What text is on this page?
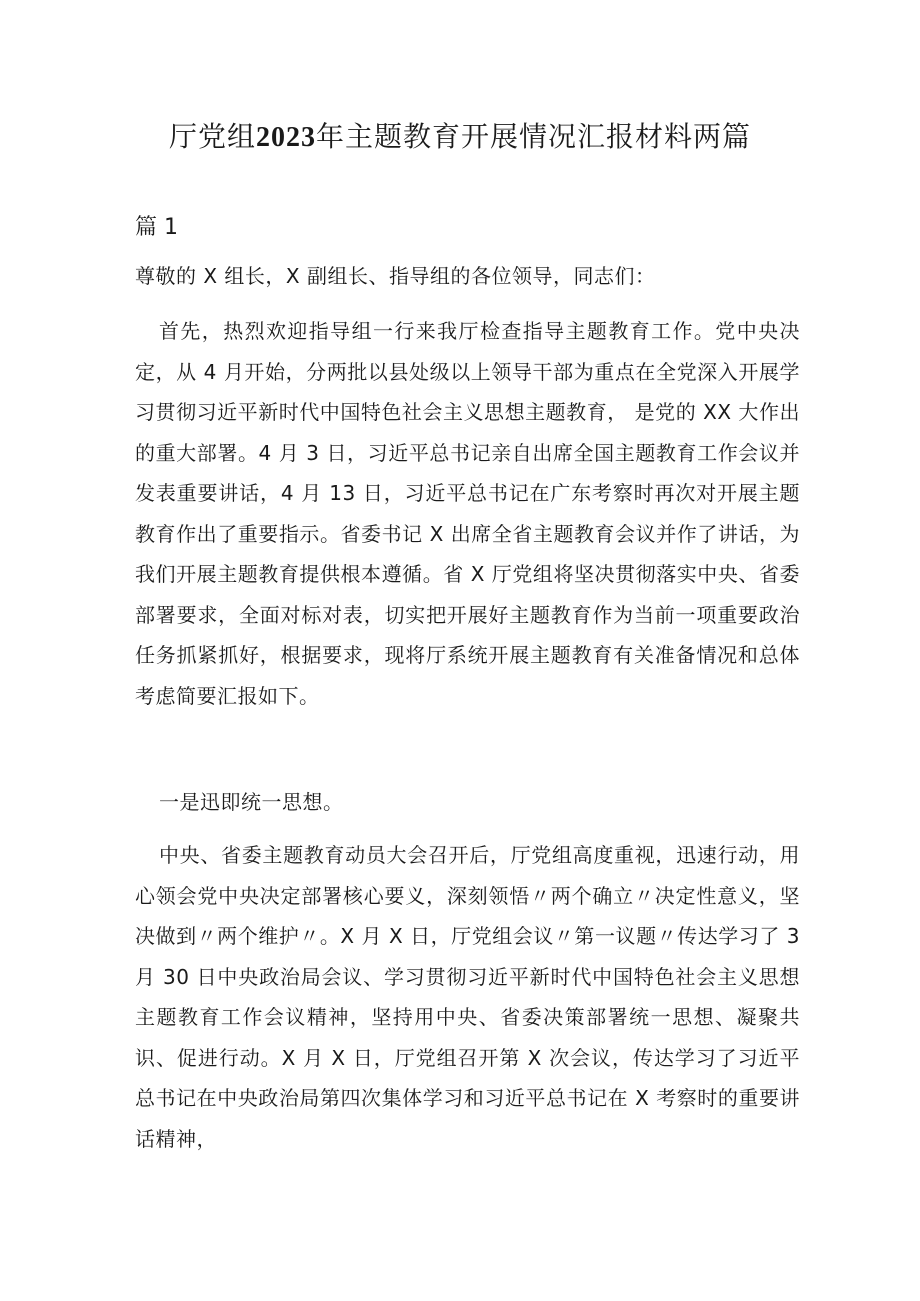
厅党组2023年主题教育开展情况汇报材料两篇

篇 1

尊敬的 X 组长，X 副组长、指导组的各位领导，同志们：

首先，热烈欢迎指导组一行来我厅检查指导主题教育工作。党中央决定，从 4 月开始，分两批以县处级以上领导干部为重点在全党深入开展学习贯彻习近平新时代中国特色社会主义思想主题教育， 是党的 XX 大作出的重大部署。4 月 3 日，习近平总书记亲自出席全国主题教育工作会议并发表重要讲话，4 月 13 日，习近平总书记在广东考察时再次对开展主题教育作出了重要指示。省委书记 X 出席全省主题教育会议并作了讲话，为我们开展主题教育提供根本遵循。省 X 厅党组将坚决贯彻落实中央、省委部署要求，全面对标对表，切实把开展好主题教育作为当前一项重要政治任务抓紧抓好，根据要求，现将厅系统开展主题教育有关准备情况和总体考虑简要汇报如下。

一是迅即统一思想。

中央、省委主题教育动员大会召开后，厅党组高度重视，迅速行动，用心领会党中央决定部署核心要义，深刻领悟〃两个确立〃决定性意义，坚决做到〃两个维护〃。X 月 X 日，厅党组会议〃第一议题〃传达学习了 3 月 30 日中央政治局会议、学习贯彻习近平新时代中国特色社会主义思想主题教育工作会议精神，坚持用中央、省委决策部署统一思想、凝聚共识、促进行动。X 月 X 日，厅党组召开第 X 次会议，传达学习了习近平总书记在中央政治局第四次集体学习和习近平总书记在 X 考察时的重要讲话精神，
